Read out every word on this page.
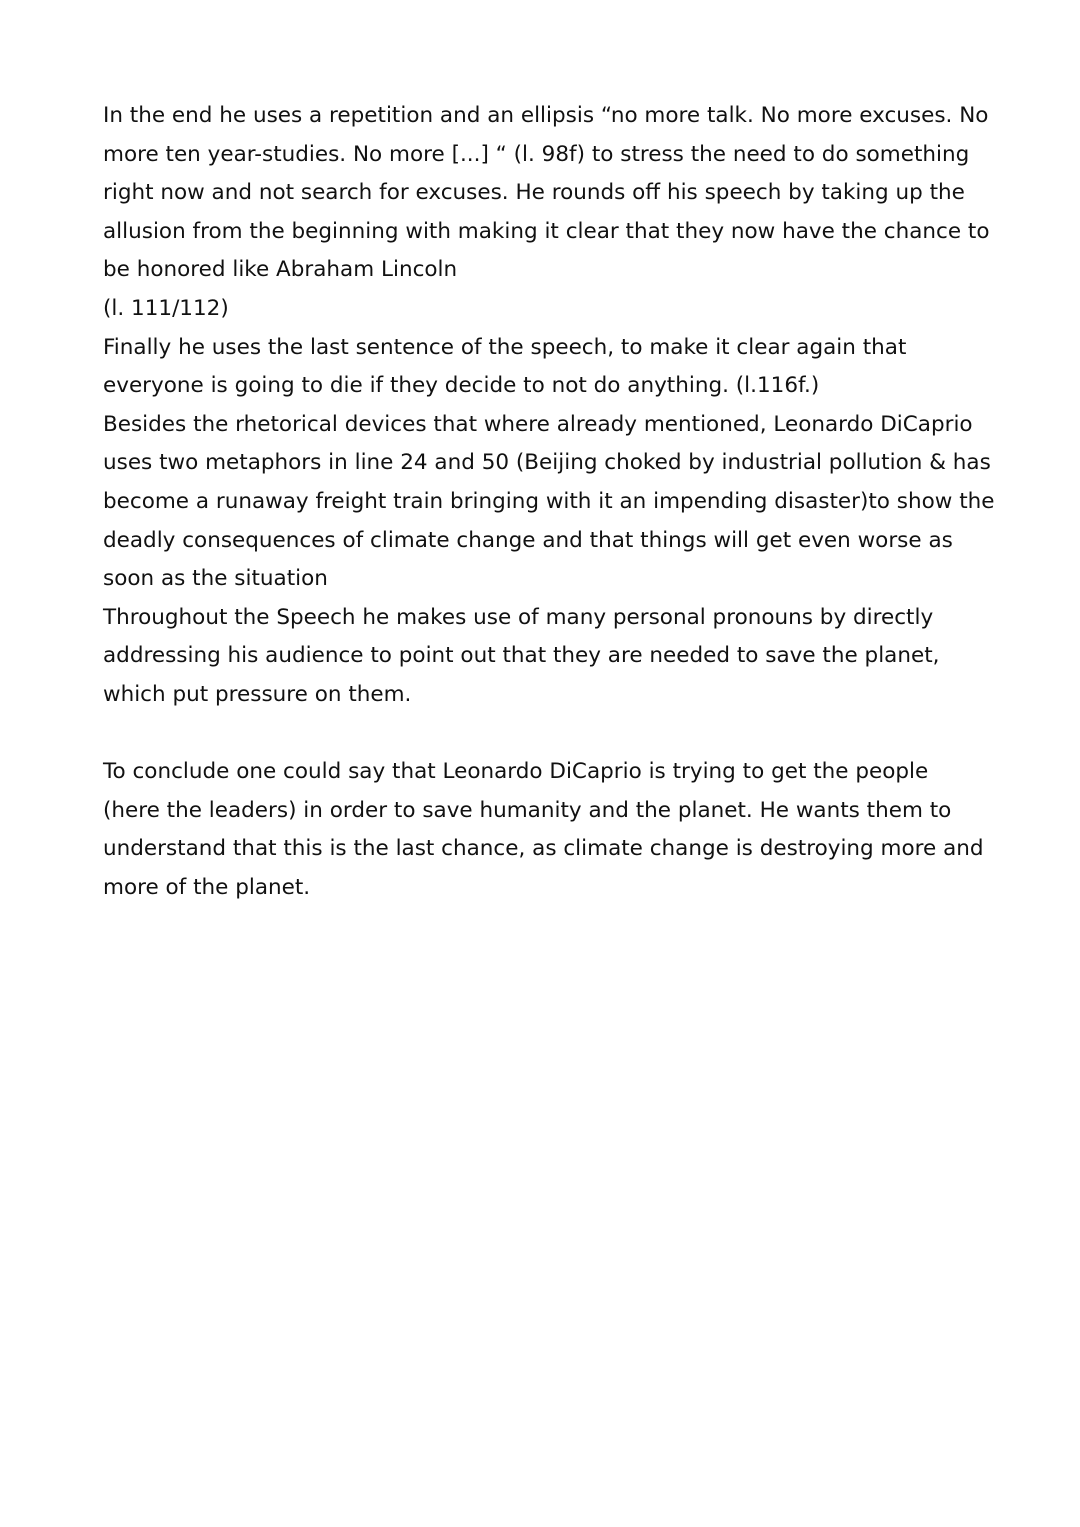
In the end he uses a repetition and an ellipsis “no more talk. No more excuses. No
more ten year-studies. No more [...] “ (l. 98f) to stress the need to do something
right now and not search for excuses. He rounds off his speech by taking up the
allusion from the beginning with making it clear that they now have the chance to
be honored like Abraham Lincoln
(l. 111/112)
Finally he uses the last sentence of the speech, to make it clear again that
everyone is going to die if they decide to not do anything. (l.116f.)
Besides the rhetorical devices that where already mentioned, Leonardo DiCaprio
uses two metaphors in line 24 and 50 (Beijing choked by industrial pollution & has
become a runaway freight train bringing with it an impending disaster)to show the
deadly consequences of climate change and that things will get even worse as
soon as the situation
Throughout the Speech he makes use of many personal pronouns by directly
addressing his audience to point out that they are needed to save the planet,
which put pressure on them.
To conclude one could say that Leonardo DiCaprio is trying to get the people
(here the leaders) in order to save humanity and the planet. He wants them to
understand that this is the last chance, as climate change is destroying more and
more of the planet.
